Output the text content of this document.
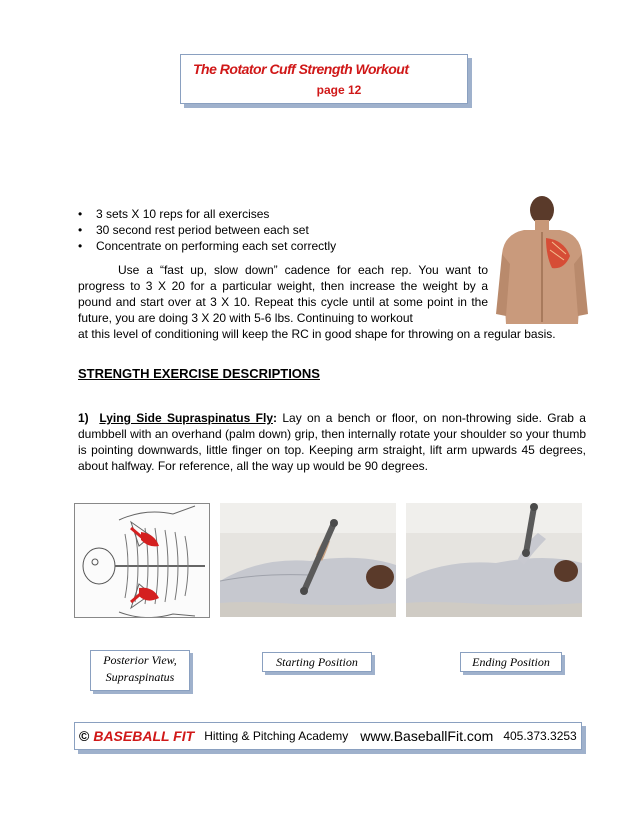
The Rotator Cuff Strength Workout
page 12
• 3 sets X 10 reps for all exercises
• 30 second rest period between each set
• Concentrate on performing each set correctly
Use a “fast up, slow down” cadence for each rep. You want to progress to 3 X 20 for a particular weight, then increase the weight by a pound and start over at 3 X 10. Repeat this cycle until at some point in the future, you are doing 3 X 20 with 5-6 lbs. Continuing to workout
at this level of conditioning will keep the RC in good shape for throwing on a regular basis.
STRENGTH EXERCISE DESCRIPTIONS
1) Lying Side Supraspinatus Fly: Lay on a bench or floor, on non-throwing side. Grab a dumbbell with an overhand (palm down) grip, then internally rotate your shoulder so your thumb is pointing downwards, little finger on top. Keeping arm straight, lift arm upwards 45 degrees, about halfway. For reference, all the way up would be 90 degrees.
Posterior View,
Supraspinatus
Starting Position	Ending Position
© BASEBALL FIT Hitting & Pitching Academy www.BaseballFit.com 405.373.3253
